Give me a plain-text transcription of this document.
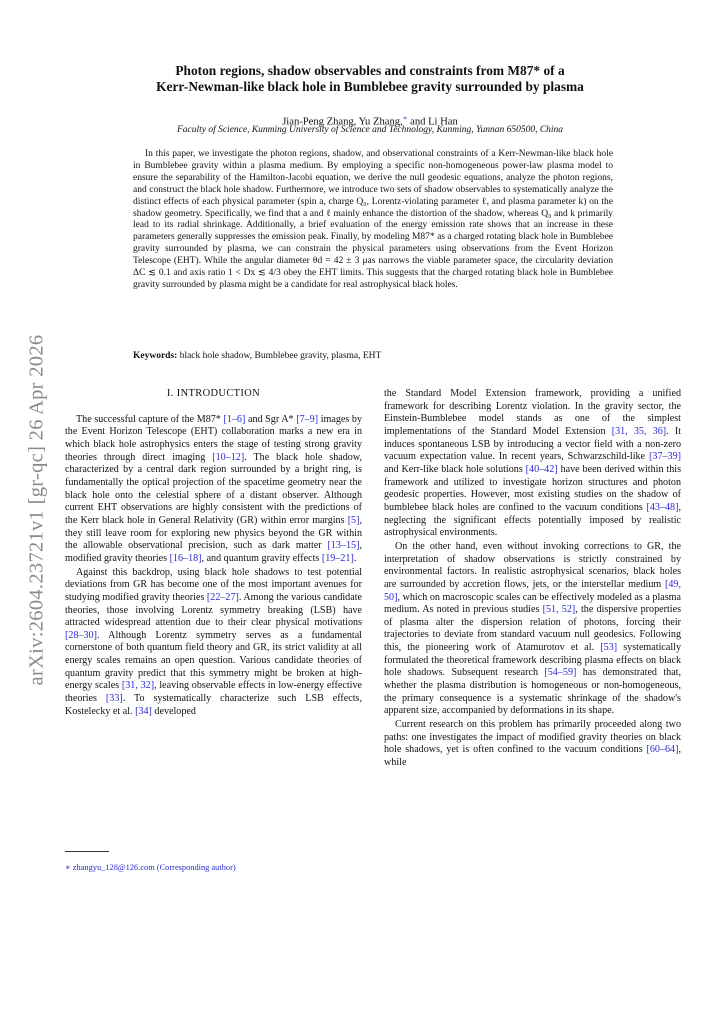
arXiv:2604.23721v1 [gr-qc] 26 Apr 2026
Photon regions, shadow observables and constraints from M87* of a
Kerr-Newman-like black hole in Bumblebee gravity surrounded by plasma
Jian-Peng Zhang, Yu Zhang,∗ and Li Han
Faculty of Science, Kunming University of Science and Technology, Kunming, Yunnan 650500, China
In this paper, we investigate the photon regions, shadow, and observational constraints of a Kerr-Newman-like black hole in Bumblebee gravity within a plasma medium. By employing a specific non-homogeneous power-law plasma model to ensure the separability of the Hamilton-Jacobi equation, we derive the null geodesic equations, analyze the photon regions, and construct the black hole shadow. Furthermore, we introduce two sets of shadow observables to systematically analyze the distinct effects of each physical parameter (spin a, charge Q₀, Lorentz-violating parameter ℓ, and plasma parameter k) on the shadow geometry. Specifically, we find that a and ℓ mainly enhance the distortion of the shadow, whereas Q₀ and k primarily lead to its radial shrinkage. Additionally, a brief evaluation of the energy emission rate shows that an increase in these parameters generally suppresses the emission peak. Finally, by modeling M87* as a charged rotating black hole in Bumblebee gravity surrounded by plasma, we can constrain the physical parameters using observations from the Event Horizon Telescope (EHT). While the angular diameter θd = 42 ± 3 μas narrows the viable parameter space, the circularity deviation ΔC ≲ 0.1 and axis ratio 1 < Dx ≲ 4/3 obey the EHT limits. This suggests that the charged rotating black hole in Bumblebee gravity surrounded by plasma might be a candidate for real astrophysical black holes.
Keywords: black hole shadow, Bumblebee gravity, plasma, EHT
I. INTRODUCTION

The successful capture of the M87* [1–6] and Sgr A* [7–9] images by the Event Horizon Telescope (EHT) collaboration marks a new era in which black hole astrophysics enters the stage of testing strong gravity theories through direct imaging [10–12]. The black hole shadow, characterized by a central dark region surrounded by a bright ring, is fundamentally the optical projection of the spacetime geometry near the black hole onto the celestial sphere of a distant observer. Although current EHT observations are highly consistent with the predictions of the Kerr black hole in General Relativity (GR) within error margins [5], they still leave room for exploring new physics beyond the GR within the allowable observational precision, such as dark matter [13–15], modified gravity theories [16–18], and quantum gravity effects [19–21].

Against this backdrop, using black hole shadows to test potential deviations from GR has become one of the most important avenues for studying modified gravity theories [22–27]. Among the various candidate theories, those involving Lorentz symmetry breaking (LSB) have attracted widespread attention due to their clear physical motivations [28–30]. Although Lorentz symmetry serves as a fundamental cornerstone of both quantum field theory and GR, its strict validity at all energy scales remains an open question. Various candidate theories of quantum gravity predict that this symmetry might be broken at high-energy scales [31, 32], leaving observable effects in low-energy effective theories [33]. To systematically characterize such LSB effects, Kostelecky et al. [34] developed

the Standard Model Extension framework, providing a unified framework for describing Lorentz violation. In the gravity sector, the Einstein-Bumblebee model stands as one of the simplest implementations of the Standard Model Extension [31, 35, 36]. It induces spontaneous LSB by introducing a vector field with a non-zero vacuum expectation value. In recent years, Schwarzschild-like [37–39] and Kerr-like black hole solutions [40–42] have been derived within this framework and utilized to investigate horizon structures and photon geodesic properties. However, most existing studies on the shadow of bumblebee black holes are confined to the vacuum conditions [43–48], neglecting the significant effects potentially imposed by realistic astrophysical environments.

On the other hand, even without invoking corrections to GR, the interpretation of shadow observations is strictly constrained by environmental factors. In realistic astrophysical scenarios, black holes are surrounded by accretion flows, jets, or the interstellar medium [49, 50], which on macroscopic scales can be effectively modeled as a plasma medium. As noted in previous studies [51, 52], the dispersive properties of plasma alter the dispersion relation of photons, forcing their trajectories to deviate from standard vacuum null geodesics. Following this, the pioneering work of Atamurotov et al. [53] systematically formulated the theoretical framework describing plasma effects on black hole shadows. Subsequent research [54–59] has demonstrated that, whether the plasma distribution is homogeneous or non-homogeneous, the primary consequence is a systematic shrinkage of the shadow's apparent size, accompanied by deformations in its shape.

Current research on this problem has primarily proceeded along two paths: one investigates the impact of modified gravity theories on black hole shadows, yet is often confined to the vacuum conditions [60–64], while

∗ zhangyu_128@126.com (Corresponding author)
